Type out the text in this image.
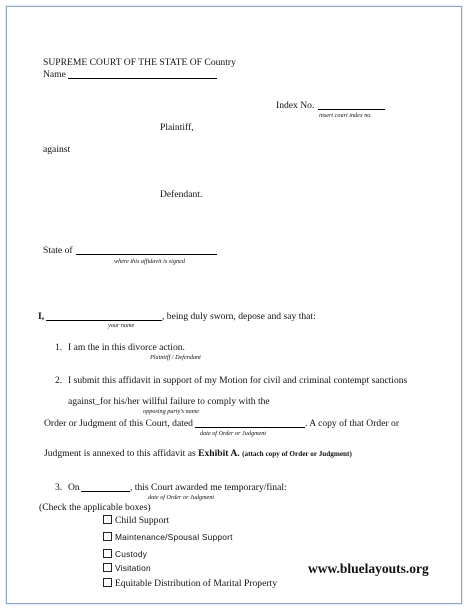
SUPREME COURT OF THE STATE OF Country
Name
Index No.
insert court index no.
Plaintiff,
against
Defendant.
State of
where this affidavit is signed
I,	, being duly sworn, depose and say that:
your name
1. I am the in this divorce action.
Plaintiff / Defendant
2. I submit this affidavit in support of my Motion for civil and criminal contempt sanctions
against_for his/her willful failure to comply with the
opposing party's name
Order or Judgment of this Court, dated	. A copy of that Order or
date of Order or Judgment
Judgment is annexed to this affidavit as Exhibit A. (attach copy of Order or Judgment)
3. On	, this Court awarded me temporary/final:
date of Order or Judgment
(Check the applicable boxes)
Child Support
Maintenance/Spousal Support
Custody
Visitation
Equitable Distribution of Marital Property
www.bluelayouts.org
